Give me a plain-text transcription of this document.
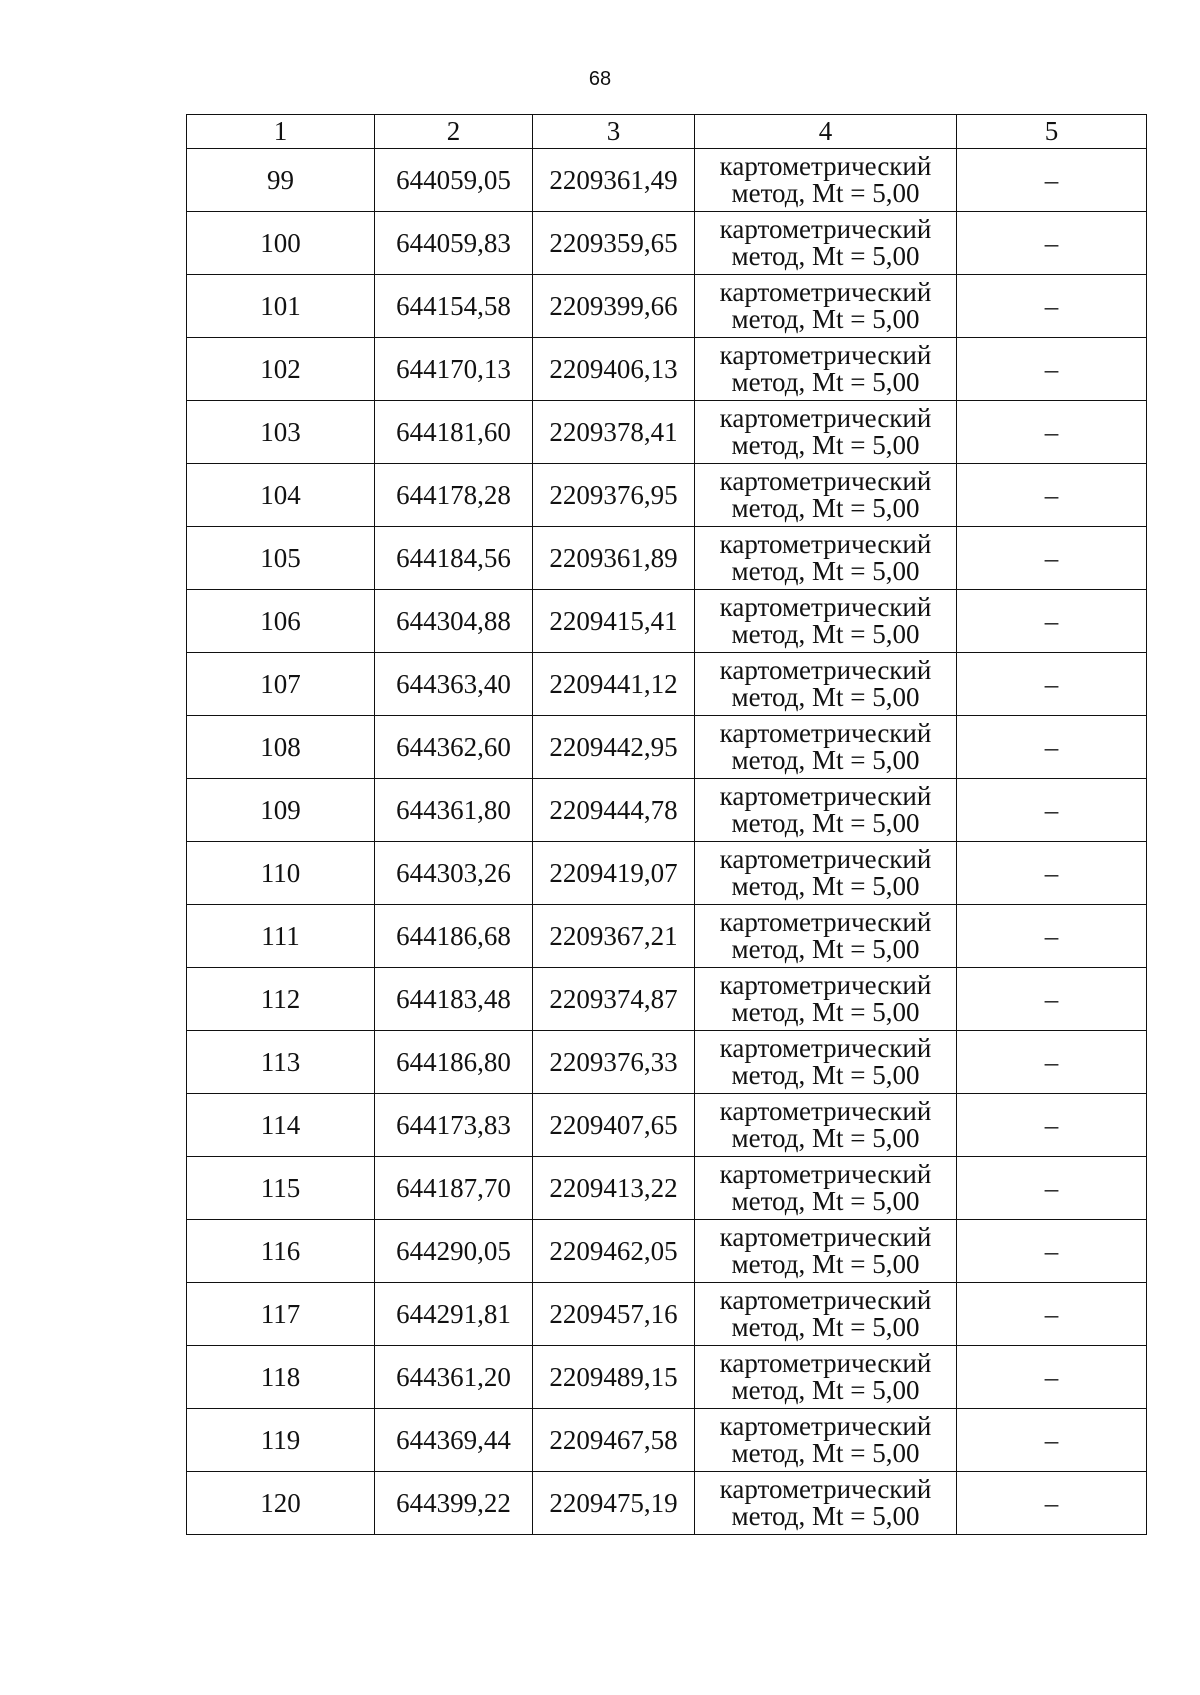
68
1	2	3	4	5
99	644059,05	2209361,49	картометрический
метод, Mt = 5,00	–
100	644059,83	2209359,65	картометрический
метод, Mt = 5,00	–
101	644154,58	2209399,66	картометрический
метод, Mt = 5,00	–
102	644170,13	2209406,13	картометрический
метод, Mt = 5,00	–
103	644181,60	2209378,41	картометрический
метод, Mt = 5,00	–
104	644178,28	2209376,95	картометрический
метод, Mt = 5,00	–
105	644184,56	2209361,89	картометрический
метод, Mt = 5,00	–
106	644304,88	2209415,41	картометрический
метод, Mt = 5,00	–
107	644363,40	2209441,12	картометрический
метод, Mt = 5,00	–
108	644362,60	2209442,95	картометрический
метод, Mt = 5,00	–
109	644361,80	2209444,78	картометрический
метод, Mt = 5,00	–
110	644303,26	2209419,07	картометрический
метод, Mt = 5,00	–
111	644186,68	2209367,21	картометрический
метод, Mt = 5,00	–
112	644183,48	2209374,87	картометрический
метод, Mt = 5,00	–
113	644186,80	2209376,33	картометрический
метод, Mt = 5,00	–
114	644173,83	2209407,65	картометрический
метод, Mt = 5,00	–
115	644187,70	2209413,22	картометрический
метод, Mt = 5,00	–
116	644290,05	2209462,05	картометрический
метод, Mt = 5,00	–
117	644291,81	2209457,16	картометрический
метод, Mt = 5,00	–
118	644361,20	2209489,15	картометрический
метод, Mt = 5,00	–
119	644369,44	2209467,58	картометрический
метод, Mt = 5,00	–
120	644399,22	2209475,19	картометрический
метод, Mt = 5,00	–
